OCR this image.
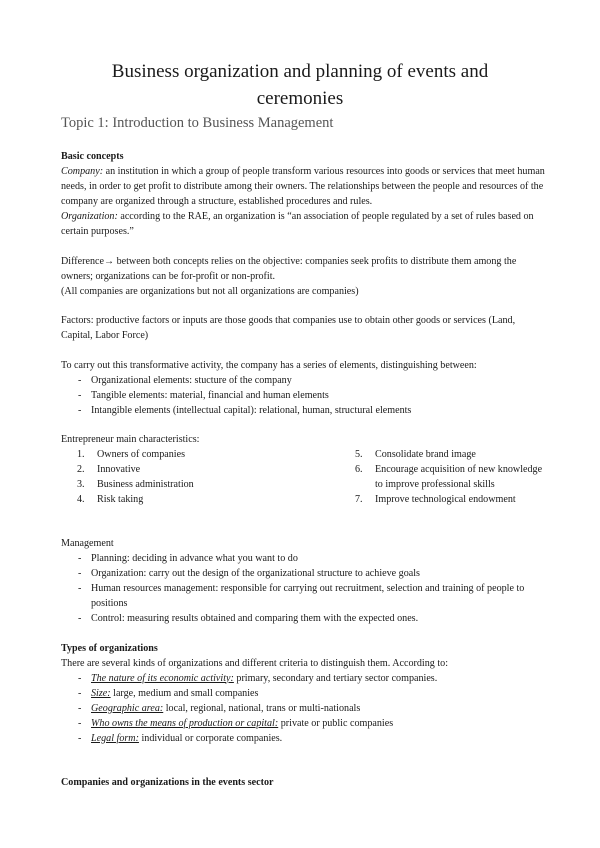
Business organization and planning of events and
ceremonies
Topic 1: Introduction to Business Management

Basic concepts

Company: an institution in which a group of people transform various resources into goods or services that meet human needs, in order to get profit to distribute among their owners. The relationships between the people and resources of the company are organized through a structure, established procedures and rules.

Organization: according to the RAE, an organization is “an association of people regulated by a set of rules based on certain purposes.”

Difference→ between both concepts relies on the objective: companies seek profits to distribute them among the owners; organizations can be for-profit or non-profit.

(All companies are organizations but not all organizations are companies)

Factors: productive factors or inputs are those goods that companies use to obtain other goods or services (Land, Capital, Labor Force)

To carry out this transformative activity, the company has a series of elements, distinguishing between:

- Organizational elements: stucture of the company
- Tangible elements: material, financial and human elements
- Intangible elements (intellectual capital): relational, human, structural elements

Entrepreneur main characteristics:

1.	Owners of companies
2.	Innovative
3.	Business administration
4.	Risk taking
5.	Consolidate brand image
6.	Encourage acquisition of new knowledge to improve professional skills
7.	Improve technological endowment

Management

- Planning: deciding in advance what you want to do
- Organization: carry out the design of the organizational structure to achieve goals
- Human resources management: responsible for carrying out recruitment, selection and training of people to positions
- Control: measuring results obtained and comparing them with the expected ones.

Types of organizations

There are several kinds of organizations and different criteria to distinguish them. According to:

- The nature of its economic activity: primary, secondary and tertiary sector companies.
- Size: large, medium and small companies
- Geographic area: local, regional, national, trans or multi-nationals
- Who owns the means of production or capital: private or public companies
- Legal form: individual or corporate companies.

Companies and organizations in the events sector
